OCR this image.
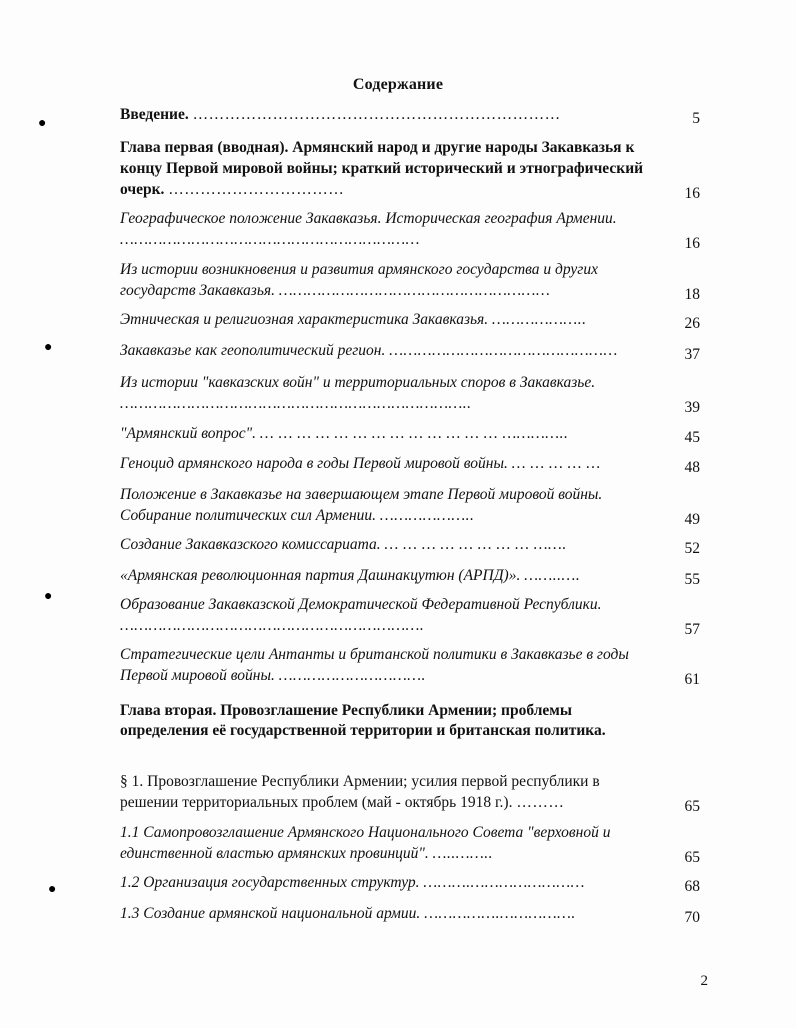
●
●
●
●
Содержание
Введение. ……………………………………………………………	5
Глава первая (вводная). Армянский народ и другие народы Закавказья к концу Первой мировой войны; краткий исторический и этнографический очерк. ……………………………	16
Географическое положение Закавказья. Историческая география Армении. ………………………………………………………	16
Из истории возникновения и развития армянского государства и других государств Закавказья. …………………………………………………	18
Этническая и религиозная характеристика Закавказья. ………………..	26
Закавказье как геополитический регион. …………………………………………	37
Из истории "кавказских войн" и территориальных споров в Закавказье. ………………………………………………………………..	39
"Армянский вопрос". … … … … … … … … … … … … … …………..	45
Геноцид армянского народа в годы Первой мировой войны. … … … … …	48
Положение в Закавказье на завершающем этапе Первой мировой войны. Собирание политических сил Армении. ………………..	49
Создание Закавказского комиссариата. … … … … … … … … …….	52
«Армянская революционная партия Дашнакцутюн (АРПД)». ……..….	55
Образование Закавказской Демократической Федеративной Республики. ……………………………………………………….	57
Стратегические цели Антанты и британской политики в Закавказье в годы Первой мировой войны. ………………………….	61
Глава вторая. Провозглашение Республики Армении; проблемы определения её государственной территории и британская политика.
§ 1. Провозглашение Республики Армении; усилия первой республики в решении территориальных проблем (май - октябрь 1918 г.). ………	65
1.1 Самопровозглашение Армянского Национального Совета "верховной и единственной властью армянских провинций". …..……..	65
1.2 Организация государственных структур. ……….……………………	68
1.3 Создание армянской национальной армии. …………….…………….	70
2
